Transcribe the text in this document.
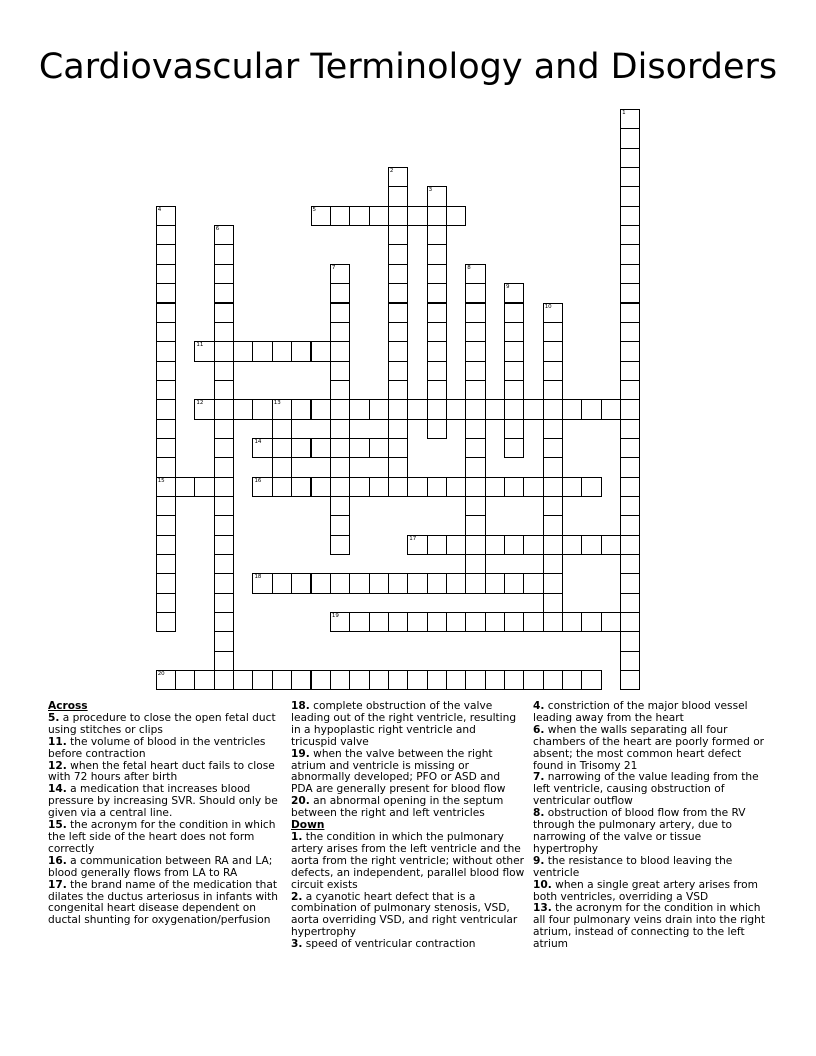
Cardiovascular Terminology and Disorders
1
2
3
4
15
5
6
7	8
9
10
11
12	13
14
16
17
18
19
20

Across

5. a procedure to close the open fetal duct using stitches or clips

11. the volume of blood in the ventricles before contraction

12. when the fetal heart duct fails to close with 72 hours after birth

14. a medication that increases blood pressure by increasing SVR. Should only be given via a central line.

15. the acronym for the condition in which the left side of the heart does not form correctly

16. a communication between RA and LA; blood generally flows from LA to RA

17. the brand name of the medication that dilates the ductus arteriosus in infants with congenital heart disease dependent on ductal shunting for oxygenation/perfusion

18. complete obstruction of the valve leading out of the right ventricle, resulting in a hypoplastic right ventricle and tricuspid valve

19. when the valve between the right atrium and ventricle is missing or abnormally developed; PFO or ASD and PDA are generally present for blood flow

20. an abnormal opening in the septum between the right and left ventricles

Down

1. the condition in which the pulmonary artery arises from the left ventricle and the aorta from the right ventricle; without other defects, an independent, parallel blood flow circuit exists

2. a cyanotic heart defect that is a combination of pulmonary stenosis, VSD, aorta overriding VSD, and right ventricular hypertrophy

3. speed of ventricular contraction

4. constriction of the major blood vessel leading away from the heart

6. when the walls separating all four chambers of the heart are poorly formed or absent; the most common heart defect found in Trisomy 21

7. narrowing of the value leading from the left ventricle, causing obstruction of ventricular outflow

8. obstruction of blood flow from the RV through the pulmonary artery, due to narrowing of the valve or tissue hypertrophy

9. the resistance to blood leaving the ventricle

10. when a single great artery arises from both ventricles, overriding a VSD

13. the acronym for the condition in which all four pulmonary veins drain into the right atrium, instead of connecting to the left atrium
